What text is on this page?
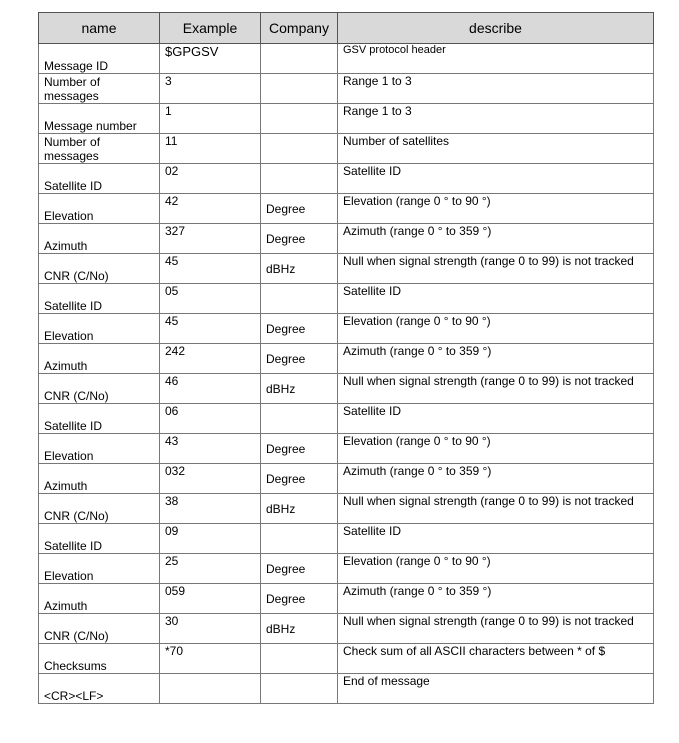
name	Example	Company	describe
Message ID	$GPGSV		GSV protocol header
Number of messages	3		Range 1 to 3
Message number	1		Range 1 to 3
Number of messages	11		Number of satellites
Satellite ID	02		Satellite ID
Elevation	42	Degree	Elevation (range 0 ° to 90 °)
Azimuth	327	Degree	Azimuth (range 0 ° to 359 °)
CNR (C/No)	45	dBHz	Null when signal strength (range 0 to 99) is not tracked
Satellite ID	05		Satellite ID
Elevation	45	Degree	Elevation (range 0 ° to 90 °)
Azimuth	242	Degree	Azimuth (range 0 ° to 359 °)
CNR (C/No)	46	dBHz	Null when signal strength (range 0 to 99) is not tracked
Satellite ID	06		Satellite ID
Elevation	43	Degree	Elevation (range 0 ° to 90 °)
Azimuth	032	Degree	Azimuth (range 0 ° to 359 °)
CNR (C/No)	38	dBHz	Null when signal strength (range 0 to 99) is not tracked
Satellite ID	09		Satellite ID
Elevation	25	Degree	Elevation (range 0 ° to 90 °)
Azimuth	059	Degree	Azimuth (range 0 ° to 359 °)
CNR (C/No)	30	dBHz	Null when signal strength (range 0 to 99) is not tracked
Checksums	*70		Check sum of all ASCII characters between * of $
<CR><LF>			End of message
